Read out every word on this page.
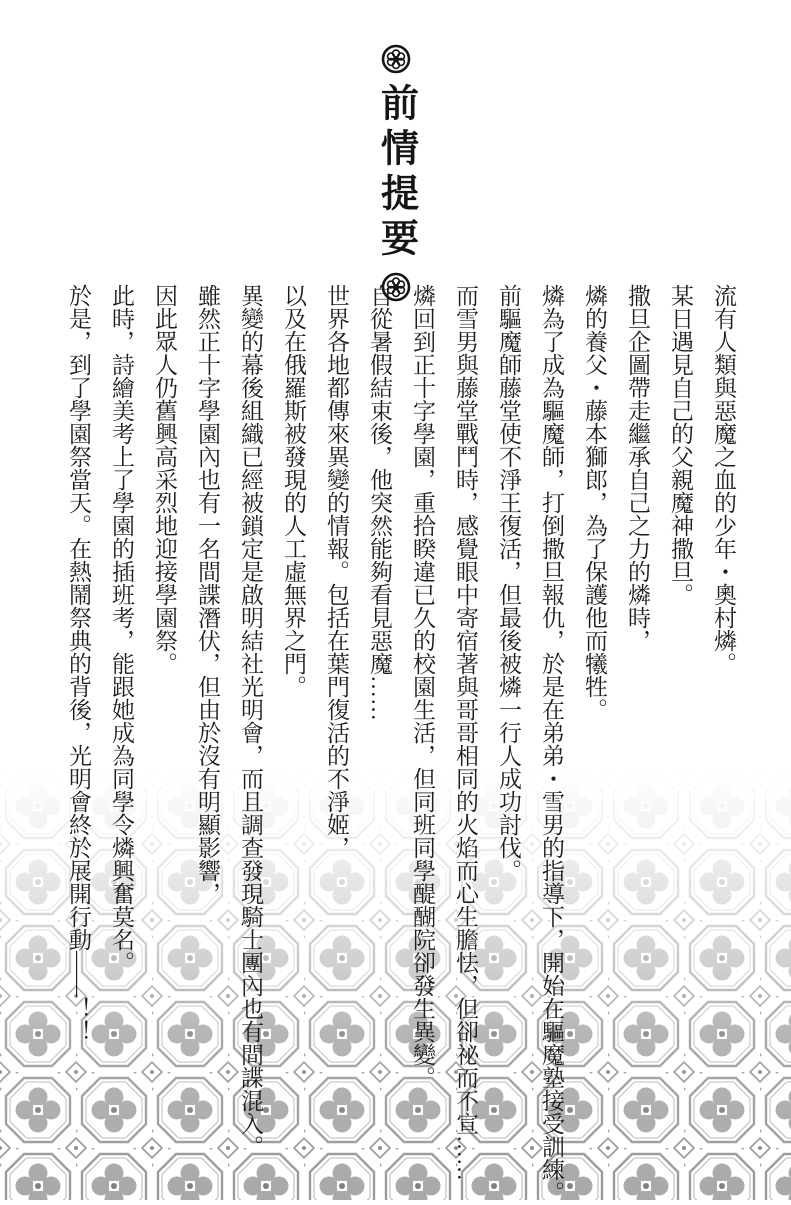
前情提要

流有人類與惡魔之血的少年・奧村燐。

某日遇見自己的父親魔神撒旦。

撒旦企圖帶走繼承自己之力的燐時，

燐的養父・藤本獅郎，為了保護他而犧牲。

燐為了成為驅魔師，打倒撒旦報仇，於是在弟弟・雪男的指導下，開始在驅魔塾接受訓練。

前驅魔師藤堂使不淨王復活，但最後被燐一行人成功討伐。

而雪男與藤堂戰鬥時，感覺眼中寄宿著與哥哥相同的火焰而心生膽怯，但卻祕而不宣……

燐回到正十字學園，重拾睽違已久的校園生活，但同班同學醍醐院卻發生異變。

自從暑假結束後，他突然能夠看見惡魔……

世界各地都傳來異變的情報。包括在葉門復活的不淨姬，

以及在俄羅斯被發現的人工虛無界之門。

異變的幕後組織已經被鎖定是啟明結社光明會，而且調查發現騎士團內也有間諜混入。

雖然正十字學園內也有一名間諜潛伏，但由於沒有明顯影響，

因此眾人仍舊興高采烈地迎接學園祭。

此時，詩繪美考上了學園的插班考，能跟她成為同學令燐興奮莫名。

於是，到了學園祭當天。在熱鬧祭典的背後，光明會終於展開行動——！！
